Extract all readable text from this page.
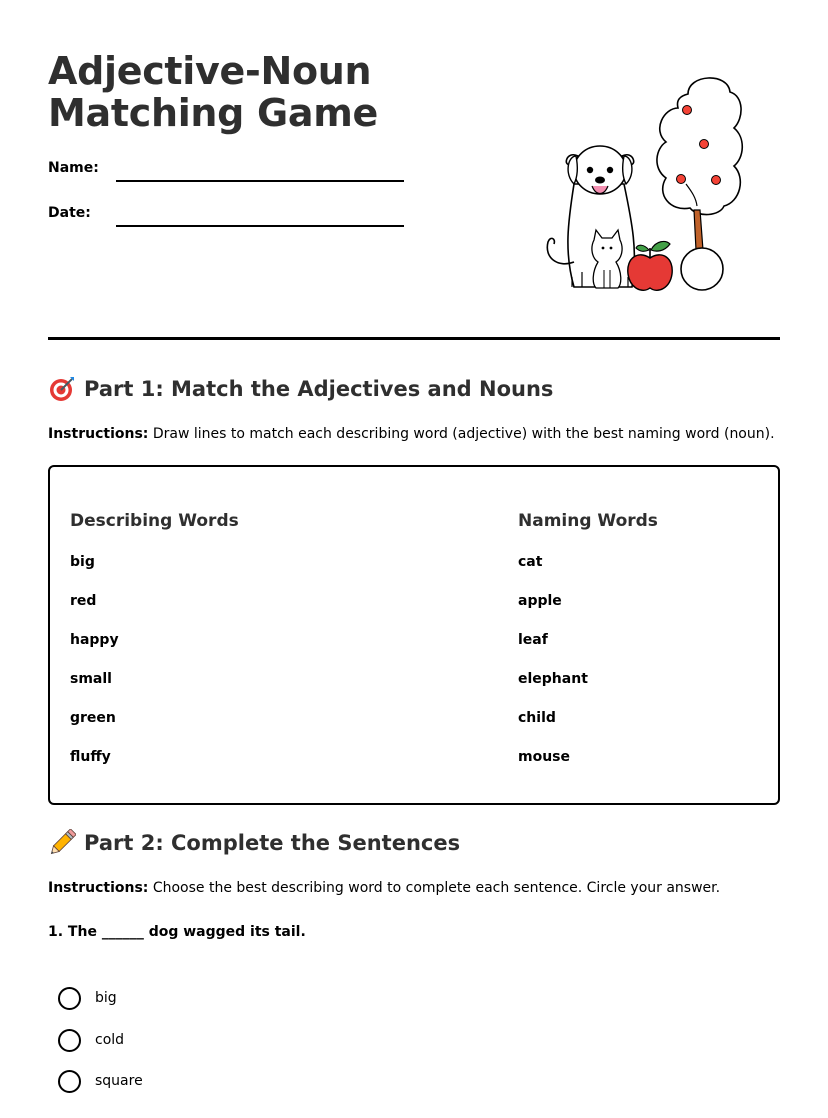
Adjective-Noun
Matching Game
Name:
Date:
Part 1: Match the Adjectives and Nouns
Instructions: Draw lines to match each describing word (adjective) with the best naming word (noun).
Describing Words
big
red
happy
small
green
fluffy
Naming Words
cat
apple
leaf
elephant
child
mouse
Part 2: Complete the Sentences
Instructions: Choose the best describing word to complete each sentence. Circle your answer.
1. The ______ dog wagged its tail.
big
cold
square
